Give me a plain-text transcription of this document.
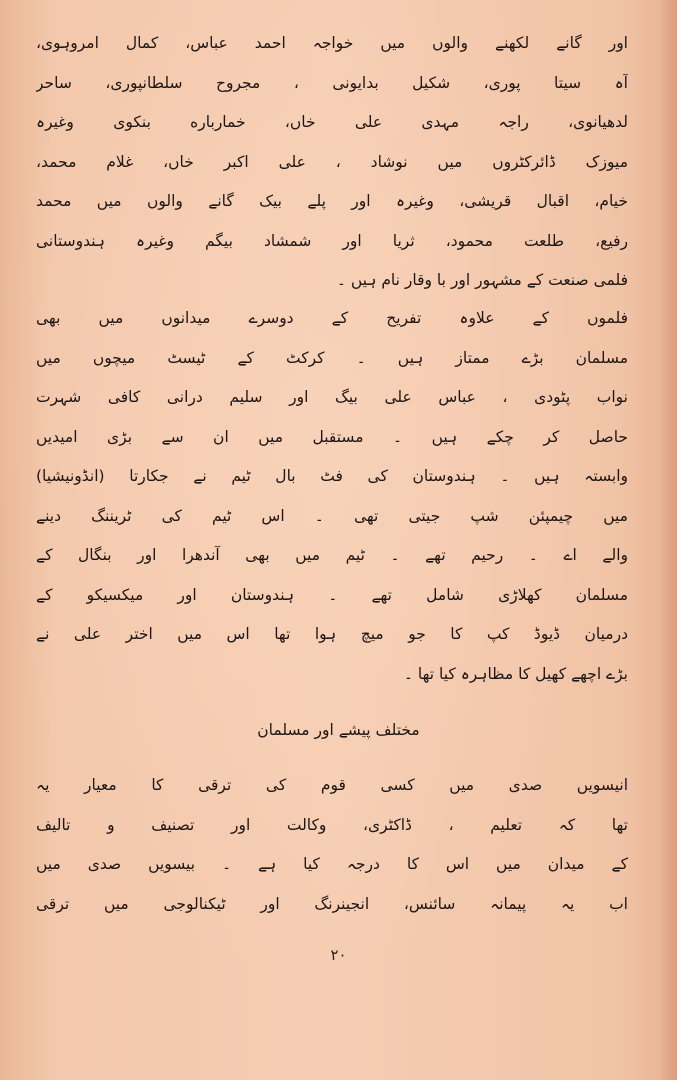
اور گانے لکھنے والوں میں خواجہ احمد عباس، کمال امروہوی،
آہ سیتا پوری، شکیل بدایونی ، مجروح سلطانپوری، ساحر
لدھیانوی، راجہ مہدی علی خاں، خمارباره بنکوی وغیرہ
میوزک ڈائرکٹروں میں نوشاد ، علی اکبر خاں، غلام محمد،
خیام، اقبال قریشی، وغیرہ اور پلے بیک گانے والوں میں محمد
رفیع، طلعت محمود، ثریا اور شمشاد بیگم وغیرہ ہندوستانی
فلمی صنعت کے مشہور اور با وقار نام ہیں ۔
فلموں کے علاوہ تفریح کے دوسرے میدانوں میں بھی
مسلمان بڑے ممتاز ہیں ۔ کرکٹ کے ٹیسٹ میچوں میں
نواب پٹودی ، عباس علی بیگ اور سلیم درانی کافی شہرت
حاصل کر چکے ہیں ۔ مستقبل میں ان سے بڑی امیدیں
وابستہ ہیں ۔ ہندوستان کی فٹ بال ٹیم نے جکارتا (انڈونیشیا)
میں چیمپئن شپ جیتی تھی ۔ اس ٹیم کی ٹریننگ دینے
والے اے ۔ رحیم تھے ۔ ٹیم میں بھی آندھرا اور بنگال کے
مسلمان کھلاڑی شامل تھے ۔ ہندوستان اور میکسیکو کے
درمیان ڈیوڈ کپ کا جو میچ ہوا تھا اس میں اختر علی نے
بڑے اچھے کھیل کا مظاہرہ کیا تھا ۔
مختلف پیشے اور مسلمان
انیسویں صدی میں کسی قوم کی ترقی کا معیار یہ
تھا کہ تعلیم ، ڈاکٹری، وکالت اور تصنیف و تالیف
کے میدان میں اس کا درجہ کیا ہے ۔ بیسویں صدی میں
اب یہ پیمانہ سائنس، انجینرنگ اور ٹیکنالوجی میں ترقی
۲۰
